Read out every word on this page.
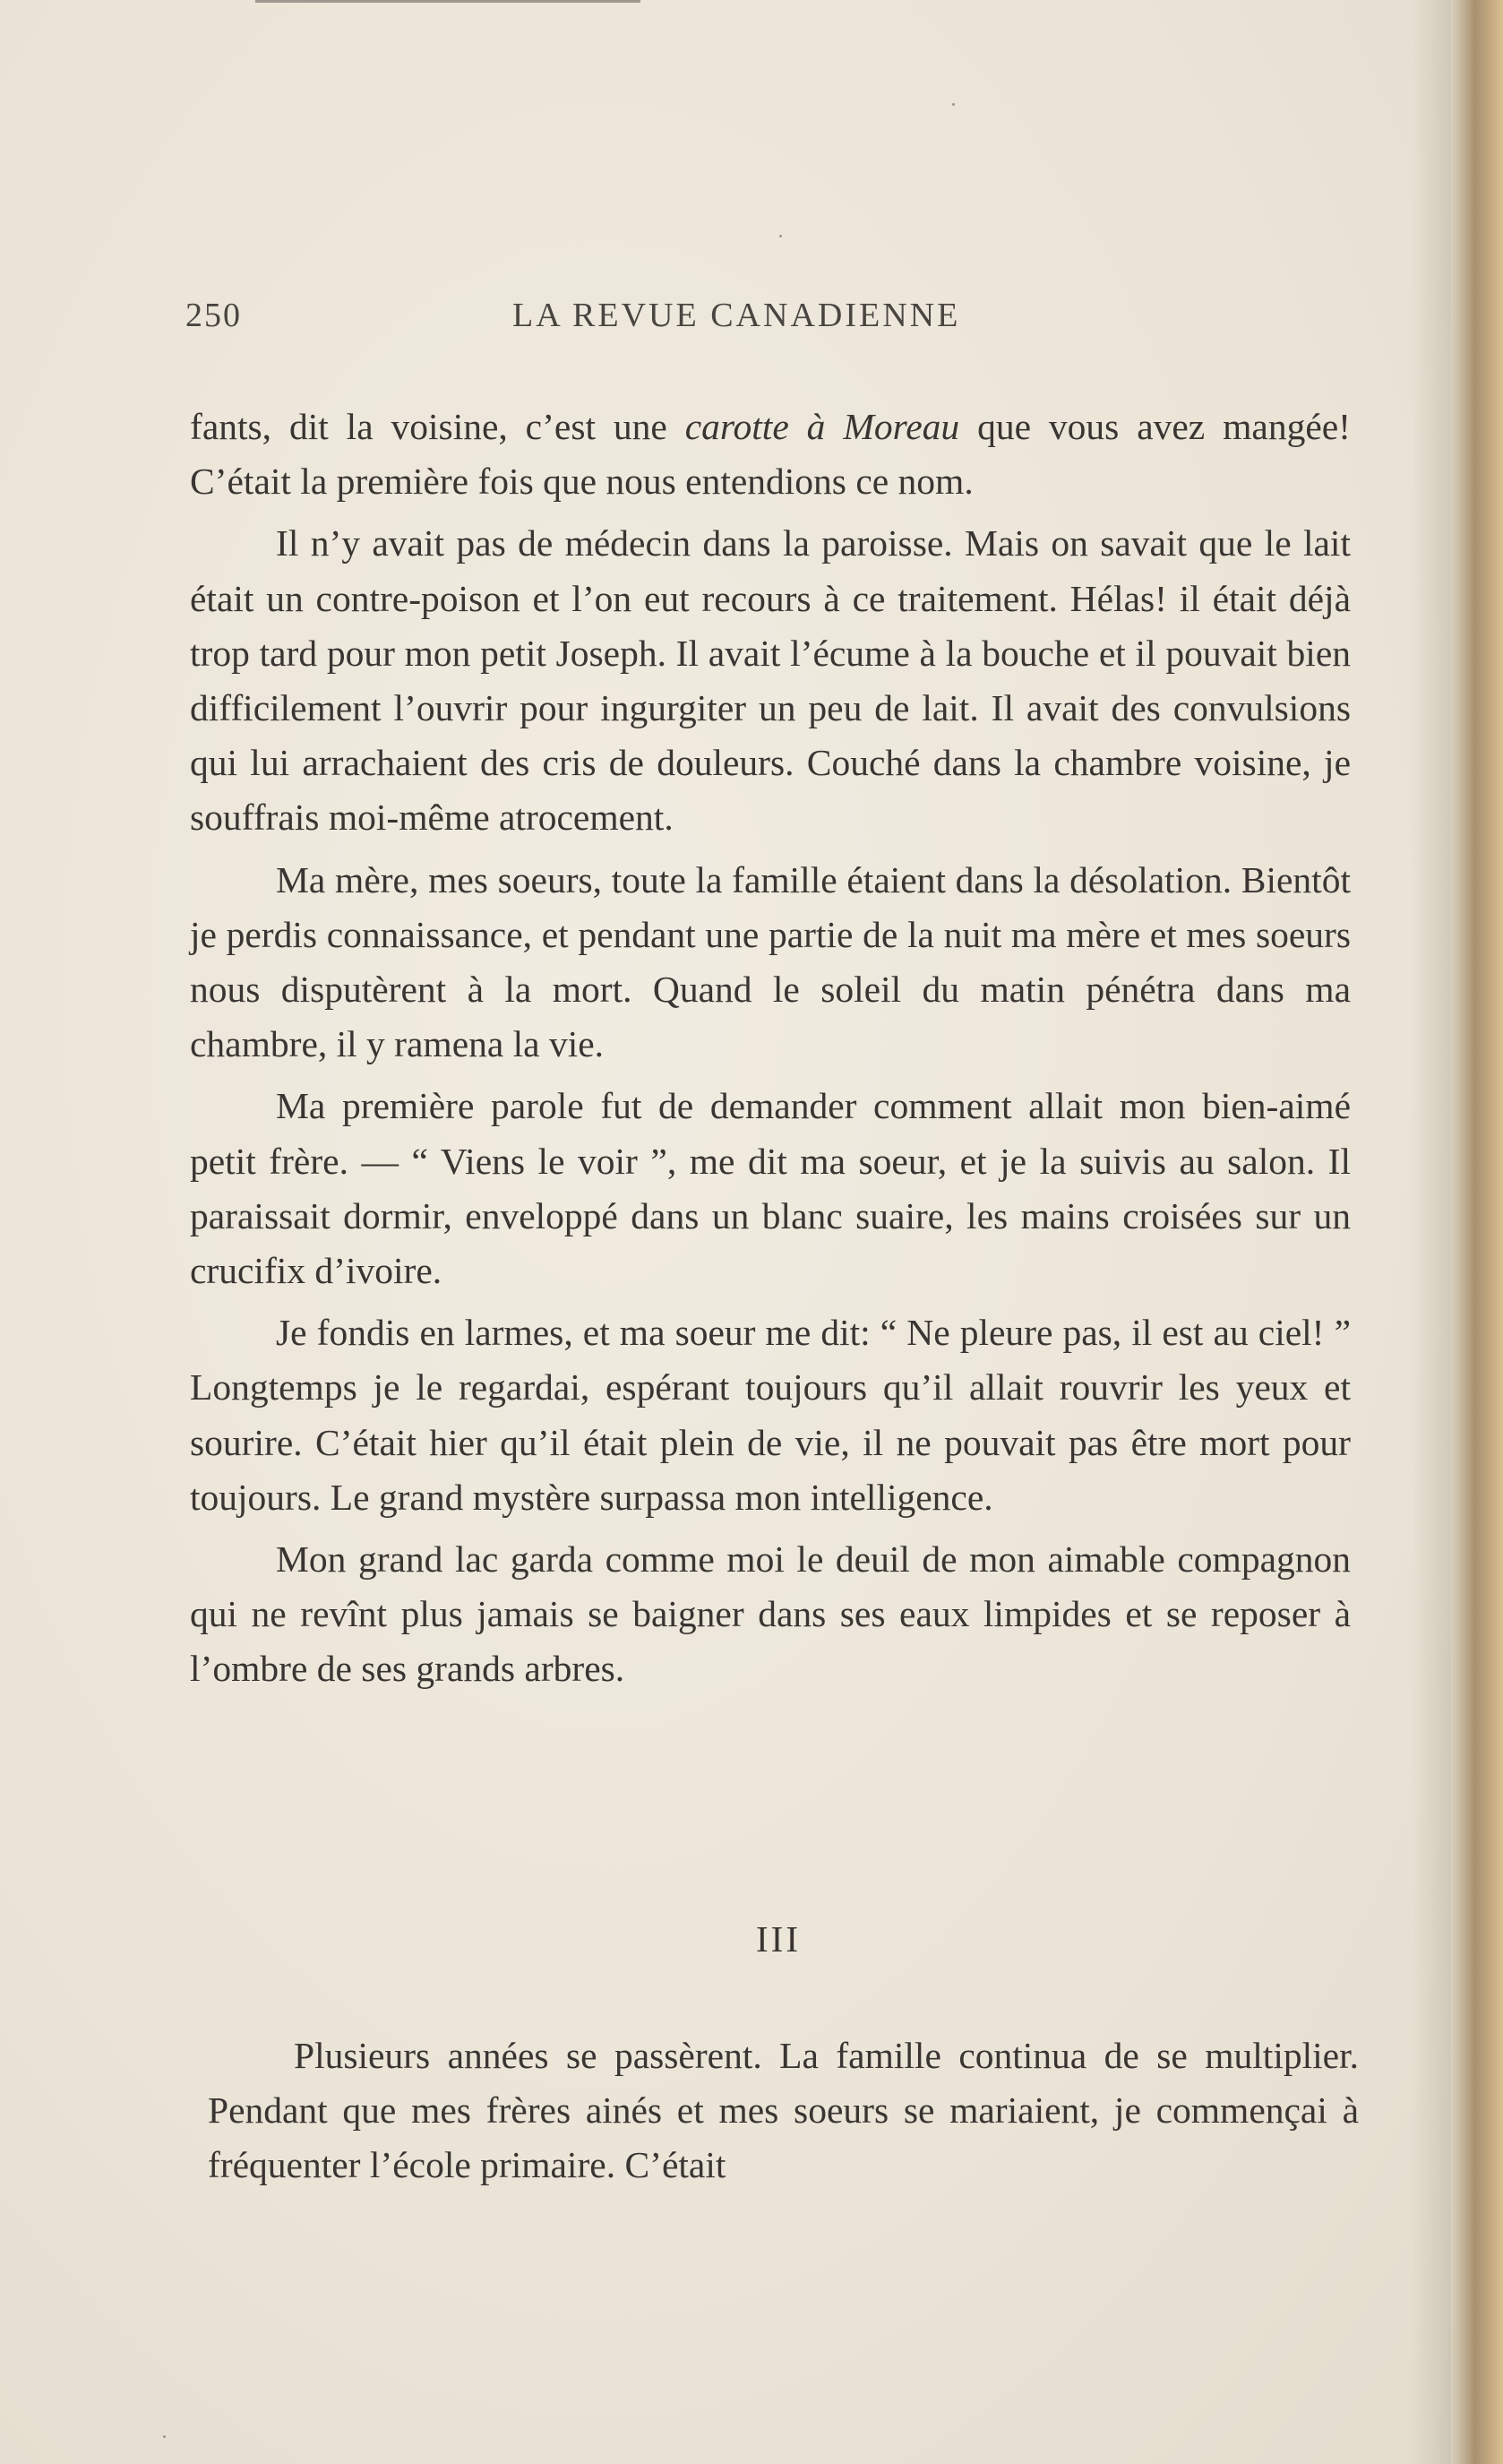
250	LA REVUE CANADIENNE

fants, dit la voisine, c’est une carotte à Moreau que vous avez mangée! C’était la première fois que nous entendions ce nom.

Il n’y avait pas de médecin dans la paroisse. Mais on savait que le lait était un contre-poison et l’on eut recours à ce traitement. Hélas! il était déjà trop tard pour mon petit Joseph. Il avait l’écume à la bouche et il pouvait bien difficilement l’ouvrir pour ingurgiter un peu de lait. Il avait des convulsions qui lui arrachaient des cris de douleurs. Couché dans la chambre voisine, je souffrais moi-même atrocement.

Ma mère, mes soeurs, toute la famille étaient dans la désolation. Bientôt je perdis connaissance, et pendant une partie de la nuit ma mère et mes soeurs nous disputèrent à la mort. Quand le soleil du matin pénétra dans ma chambre, il y ramena la vie.

Ma première parole fut de demander comment allait mon bien-aimé petit frère. — “ Viens le voir ”, me dit ma soeur, et je la suivis au salon. Il paraissait dormir, enveloppé dans un blanc suaire, les mains croisées sur un crucifix d’ivoire.

Je fondis en larmes, et ma soeur me dit: “ Ne pleure pas, il est au ciel! ” Longtemps je le regardai, espérant toujours qu’il allait rouvrir les yeux et sourire. C’était hier qu’il était plein de vie, il ne pouvait pas être mort pour toujours. Le grand mystère surpassa mon intelligence.

Mon grand lac garda comme moi le deuil de mon aimable compagnon qui ne revînt plus jamais se baigner dans ses eaux limpides et se reposer à l’ombre de ses grands arbres.

III

Plusieurs années se passèrent. La famille continua de se multiplier. Pendant que mes frères ainés et mes soeurs se mariaient, je commençai à fréquenter l’école primaire. C’était
